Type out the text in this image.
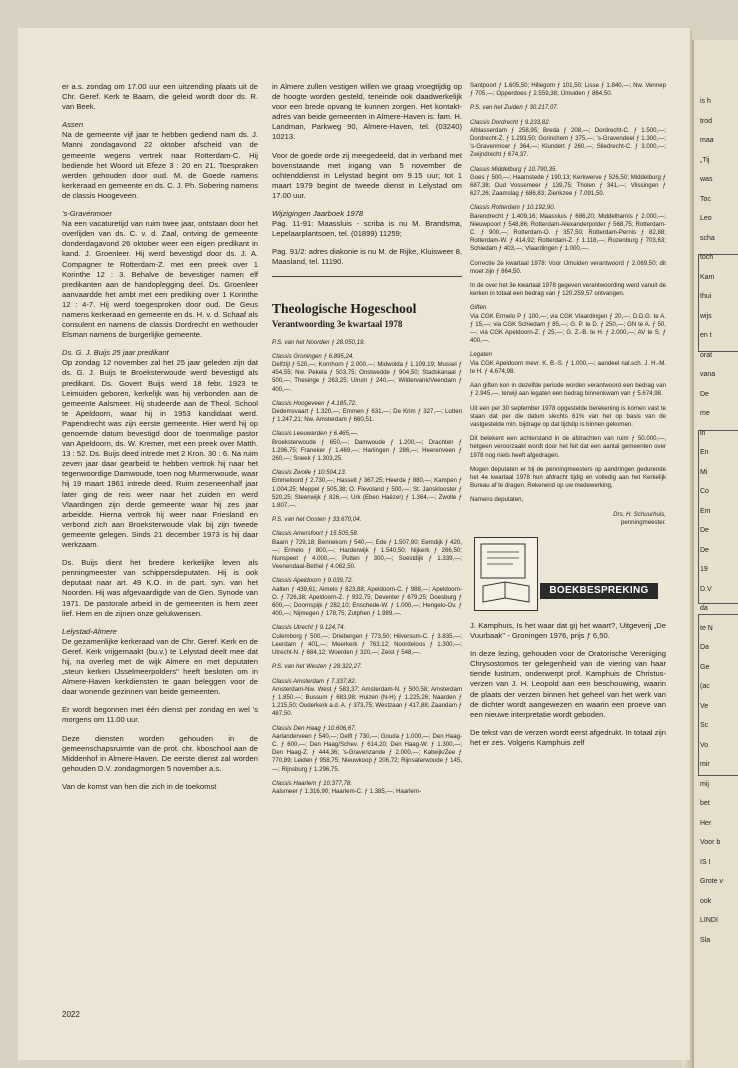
er a.s. zondag om 17.00 uur een uitzending plaats uit de Chr. Geref. Kerk te Baarn, die geleid wordt door ds. R. van Beek.

Assen

Na de gemeente vijf jaar te hebben gediend nam ds. J. Manni zondagavond 22 oktober afscheid van de gemeente wegens vertrek naar Rotterdam-C. Hij bediende het Woord uit Efeze 3 : 20 en 21. Toespraken werden gehouden door oud. M. de Goede namens kerkeraad en gemeente en ds. C. J. Ph. Sobering namens de classis Hoogeveen.

's-Gravenmoer

Na een vacaturetijd van ruim twee jaar, ontstaan door het overlijden van ds. C. v. d. Zaal, ontving de gemeente donderdagavond 26 oktober weer een eigen predikant in kand. J. Groenleer. Hij werd bevestigd door ds. J. A. Compagner te Rotterdam-Z. met een preek over 1 Korinthe 12 : 3. Behalve de bevestiger namen elf predikanten aan de handoplegging deel. Ds. Groenleer aanvaardde het ambt met een prediking over 1 Korinthe 12 : 4-7. Hij werd toegesproken door oud. De Geus namens kerkeraad en gemeente en ds. H. v. d. Schaaf als consulent en namens de classis Dordrecht en wethouder Elsman namens de burgerlijke gemeente.

Ds. G. J. Buijs 25 jaar predikant

Op zondag 12 november zal het 25 jaar geleden zijn dat ds. G. J. Buijs te Broeksterwoude werd bevestigd als predikant. Ds. Govert Buijs werd 18 febr. 1923 te Leimuiden geboren, kerkelijk was hij verbonden aan de gemeente Aalsmeer. Hij studeerde aan de Theol. School te Apeldoorn, waar hij in 1953 kandidaat werd. Papendrecht was zijn eerste gemeente. Hier werd hij op genoemde datum bevestigd door de toenmalige pastor van Apeldoorn, ds. W. Kremer, met een preek over Matth. 13 : 52. Ds. Buijs deed intrede met 2 Kron. 30 : 6. Na ruim zeven jaar daar gearbeid te hebben vertrok hij naar het tegenwoordige Damwoude, toen nog Murmerwoude, waar hij 19 maart 1961 intrede deed. Ruim zeseneenhalf jaar later ging de reis weer naar het zuiden en werd Vlaardingen zijn derde gemeente waar hij zes jaar arbeidde. Hierna vertrok hij weer naar Friesland en verbond zich aan Broeksterwoude vlak bij zijn tweede gemeente gelegen. Sinds 21 december 1973 is hij daar werkzaam.

Ds. Buijs dient het bredere kerkelijke leven als penningmeester van schippersdeputaten. Hij is ook deputaat naar art. 49 K.O. in de part. syn. van het Noorden. Hij was afgevaardigde van de Gen. Synode van 1971. De pastorale arbeid in de gemeenten is hem zeer lief. Hem en de zijnen onze gelukwensen.

Lelystad-Almere

De gezamenlijke kerkeraad van de Chr. Geref. Kerk en de Geref. Kerk vrijgemaakt (bu.v.) te Lelystad deelt mee dat hij, na overleg met de wijk Almere en met deputaten „steun kerken IJsselmeerpolders'' heeft besloten om in Almere-Haven kerkdiensten te gaan beleggen voor de daar wonende gezinnen van beide gemeenten.

Er wordt begonnen met één dienst per zondag en wel 's morgens om 11.00 uur.

Deze diensten worden gehouden in de gemeenschapsruimte van de prot. chr. kboschool aan de Middenhof in Almere-Haven. De eerste dienst zal worden gehouden D.V. zondagmorgen 5 november a.s.

Van de komst van hen die zich in de toekomst

in Almere zullen vestigen willen we graag vroegtijdig op de hoogte worden gesteld, teneinde ook daadwerkelijk voor een brede opvang te kunnen zorgen. Het kontakt-adres van beide gemeenten in Almere-Haven is: fam. H. Landman, Parkweg 90, Almere-Haven, tel. (03240) 10213.

Voor de goede orde zij meegedeeld, dat in verband met bovenstaande met ingang van 5 november de ochtenddienst in Lelystad begint om 9.15 uur; tot 1 maart 1979 begint de tweede dienst in Lelystad om 17.00 uur.

Wijzigingen Jaarboek 1978

Pag. 11-91: Maassluis - scriba is nu M. Brandsma, Lepelaarplantsoen, tel. (01899) 11259;

Pag. 91/2: adres diakonie is nu M. de Rijke, Kluisweer 8, Maasland, tel. 11190.

Theologische Hogeschool
Verantwoording 3e kwartaal 1978

P.S. van het Noorden ƒ 28.050,19.

Classis Groningen ƒ 6.895,24.
Delfzijl ƒ 520,—; Kornhorn ƒ 2.000,—; Midwolda ƒ 1.109,19; Mussel ƒ 454,55; Nw. Pekela ƒ 503,75; Onstwedde ƒ 904,50; Stadskanaal ƒ 500,—; Thesinge ƒ 263,25; Ulrum ƒ 240,—; Wildervank/Veendam ƒ 400,—.

Classis Hoogeveen ƒ 4.185,72.
Dedemsvaart ƒ 1.320,—; Emmen ƒ 631,—; De Krim ƒ 327,—; Lutten ƒ 1.247,21; Nw. Amsterdam ƒ 660,51.

Classis Leeuwarden ƒ 6.465,—.
Broeksterwoude ƒ 650,—; Damwoude ƒ 1.200,—; Drachten ƒ 1.296,75; Franeker ƒ 1.469,—; Harlingen ƒ 286,—; Heerenveen ƒ 260,—; Sneek ƒ 1.303,25.

Classis Zwolle ƒ 10.504,13.
Emmeloord ƒ 2.730,—; Hasselt ƒ 367,25; Heerde ƒ 880,—; Kampen ƒ 1.004,25; Meppel ƒ 505,38; O. Flevoland ƒ 500,—; St. Jansklooster ƒ 520,25; Steenwijk ƒ 826,—; Urk (Eben Haëzer) ƒ 1.364,—; Zwolle ƒ 1.807,—.

P.S. van het Oosten ƒ 33.670,04.

Classis Amersfoort ƒ 15.505,58.
Baarn ƒ 729,18; Bennekom ƒ 540,—; Ede ƒ 1.507,90; Eemdijk ƒ 420,—; Ermelo ƒ 800,—; Harderwijk ƒ 1.540,50; Nijkerk ƒ 266,50; Nunspeet ƒ 4.000,—; Putten ƒ 300,—; Soestdijk ƒ 1.339,—; Veenendaal-Bethel ƒ 4.062,50.

Classis Apeldoorn ƒ 9.039,72.
Aalten ƒ 439,61; Almelo ƒ 823,88; Apeldoorn-C. ƒ 988,—; Apeldoorn-O. ƒ 726,38; Apeldoorn-Z. ƒ 932,75; Deventer ƒ 679,25; Doesburg ƒ 600,—; Doornspijk ƒ 282,10; Enschede-W. ƒ 1.000,—; Hengelo-Ov. ƒ 400,—; Nijmegen ƒ 178,75; Zutphen ƒ 1.989,—.

Classis Utrecht ƒ 9.124,74.
Culemborg ƒ 500,—; Driebergen ƒ 773,50; Hilversum-C. ƒ 3.835,—; Leerdam ƒ 401,—; Meerkerk ƒ 763,12; Noordeloos ƒ 1.300,—; Utrecht-N. ƒ 684,12; Woerden ƒ 320,—; Zeist ƒ 548,—.

P.S. van het Westen ƒ 28.322,27.

Classis Amsterdam ƒ 7.337,82.
Amsterdam-Nw. West ƒ 583,37; Amsterdam-N. ƒ 500,58; Amsterdam ƒ 1.850,—; Bussum ƒ 683,98; Huizen (N-H) ƒ 1.225,26; Naarden ƒ 1.215,50; Ouderkerk a.d. A. ƒ 373,75; Westzaan ƒ 417,88; Zaandam ƒ 487,50.

Classis Den Haag ƒ 10.606,67.
Aarlanderveen ƒ 540,—; Delft ƒ 730,—; Gouda ƒ 1.000,—; Den Haag-C. ƒ 600,—; Den Haag/Schev. ƒ 614,20; Den Haag-W. ƒ 1.300,—; Den Haag-Z. ƒ 444,36; 's-Gravenzande ƒ 2.000,—; Katwijk/Zee ƒ 770,89; Leiden ƒ 958,75; Nieuwkoop ƒ 206,72; Rijnsaterwoude ƒ 145,—; Rijnsburg ƒ 1.296,75.

Classis Haarlem ƒ 10.377,78.
Aalsmeer ƒ 1.316,90; Haarlem-C. ƒ 1.385,—; Haarlem-

Santpoort ƒ 1.605,50; Hillegom ƒ 101,50; Lisse ƒ 1.840,—; Nw. Vennep ƒ 705,—; Opperdoes ƒ 2.559,38; IJmuiden ƒ 864,50.

P.S. van het Zuiden ƒ 30.217,07.

Classis Dordrecht ƒ 9.233,82.
Alblasserdam ƒ 258,95; Breda ƒ 208,—; Dordrecht-C. ƒ 1.500,—; Dordrecht-Z. ƒ 1.293,50; Gorinchem ƒ 375,—; 's-Gravendeel ƒ 1.300,—; 's-Gravenmoer ƒ 364,—; Klundert ƒ 260,—; Sliedrecht-C. ƒ 3.000,—; Zwijndrecht ƒ 674,37.

Classis Middelburg ƒ 10.790,35.
Goes ƒ 500,—; Haamstede ƒ 190,13; Kerkwerve ƒ 526,50; Middelburg ƒ 687,38; Oud Vossemeer ƒ 139,75; Tholen ƒ 341,—; Vlissingen ƒ 627,26; Zaamslag ƒ 686,83; Zierikzee ƒ 7.091,50.

Classis Rotterdam ƒ 10.192,90.
Barendrecht ƒ 1.409,16; Maassluis ƒ 686,20; Middelharnis ƒ 2.000,—; Nieuwpoort ƒ 548,86; Rotterdam-Alexanderpolder ƒ 568,75; Rotterdam-C. ƒ 900,—; Rotterdam-O. ƒ 357,50; Rotterdam-Pernis ƒ 82,88; Rotterdam-W. ƒ 414,92; Rotterdam-Z. ƒ 1.118,—; Rozenburg ƒ 703,63; Schiedam ƒ 403,—; Vlaardingen ƒ 1.000,—.

Correctie 2e kwartaal 1978: Voor IJmuiden verantwoord ƒ 2.069,50; dit moet zijn ƒ 864,50.

In de over het 3e kwartaal 1978 gegeven verantwoording werd vanuit de kerken in totaal een bedrag van ƒ 120.259,57 ontvangen.

Giften
Via CGK Ermelo P ƒ 100,—; via CGK Vlaardingen ƒ 20,—; D.D.G. te A. ƒ 15,—; via CGK Schiedam ƒ 85,—; G. P. te D. ƒ 250,—; GN te A. ƒ 50,—; via CGK Apeldoorn-Z. ƒ 25,—; G. Z.-B. te H. ƒ 2.000,—; AV te S. ƒ 400,—.

Legaten
Via CGK Apeldoorn mevr. K. B.-S. ƒ 1.000,—; aandeel nal.sch. J. H.-M. te H. ƒ 4.674,98.

Aan giften kon in dezelfde periode worden verantwoord een bedrag van ƒ 2.945,—, terwijl aan legaten een bedrag binnenkwam van ƒ 5.674,98.

Uit een per 30 september 1978 opgestelde berekening is komen vast te staan dat per die datum slechts 61% van het op basis van de vastgestelde min. bijdrage op dat tijdstip is binnen gekomen.

Dit betekent een achterstand in de afdrachten van ruim ƒ 50.000,—, hetgeen veroorzaakt wordt door het feit dat een aantal gemeenten over 1978 nog niets heeft afgedragen.

Mogen deputaten er bij de penningmeesters op aandringen gedurende het 4e kwartaal 1978 hun afdracht tijdig en volledig aan het Kerkelijk Bureau af te dragen. Rekenend op uw medewerking,

Namens deputaten,

Drs. H. Schuurhuis,
penningmeester.
BOEKBESPREKING

J. Kamphuis, Is het waar dat gij het waart?, Uitgeverij „De Vuurbaak'' - Groningen 1976, prijs ƒ 6,50.

In deze lezing, gehouden voor de Oratorische Vereniging Chrysostomos ter gelegenheid van de viering van haar tiende lustrum, onderwerpt prof. Kamphuis de Christus-verzen van J. H. Leopold aan een beschouwing, waarin de plaats der verzen binnen het geheel van het werk van de dichter wordt aangewezen en waarin een proeve van een nieuwe interpretatie wordt geboden.

De tekst van de verzen wordt eerst afgedrukt. In totaal zijn het er zes. Volgens Kamphuis zelf

2022
is h
trod
maa
„Tij
was
Toc
Leo
scha
toch
Kam
thui
wijs
en t
orat
vana
De
me
in
En
Mi
Co
Em
De
De
19
D.V
da
te N
Da
Ge
(ac
Ve
Sc
Vo
mir
mij
bet
Her
Voor b
IS I
Grote v
ook
LINDI
Sla
